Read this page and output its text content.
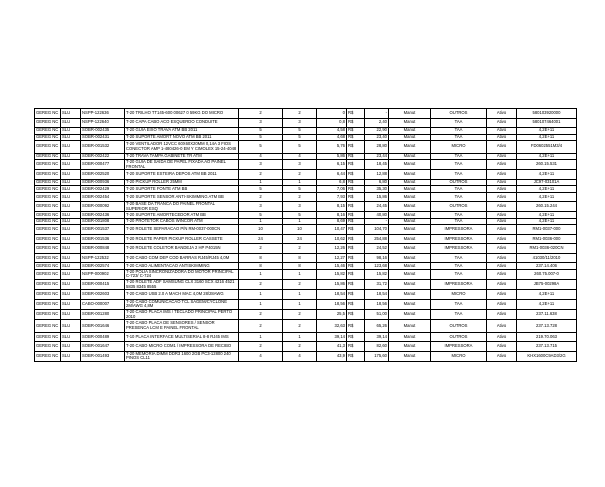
GEREG NC	SLU	NSPP-122636	T-20 TRILHO TT145-600 00627 0 59KG DO MICRO	2	2	0	R$	-	Manut	OUTROS	Ativo	580103920000
GEREG NC	SLU	NSPP-122640	T-20 CAPA CABO ACO ESQUERDO CONDUITE	3	3	0,8	R$	2,40	Manut	TAA	Ativo	580107464001
GEREG NC	SLU	SOBR-002435	T-20 GUIA EIXO TRAVA ATM BB 2011	5	5	4,58	R$	22,90	Manut	TAA	Ativo	4,2E+11
GEREG NC	SLU	SOBR-002431	T-20 SUPORTE AMORT NOVO ATM BB 2011	5	5	4,68	R$	23,40	Manut	TAA	Ativo	4,2E+11
GEREG NC	SLU	SOBR-001532	T-20 VENTILADOR 12VCC 60X60X20MM 0,14A 3 FIOS CONECTOR AMP 1-480426-0 EM Y CIMOLEX 15-24-4048	5	5	5,76	R$	28,80	Manut	MICRO	Ativo	FD0602551M3/4
GEREG NC	SLU	SOBR-002422	T-20 TRAVA TAMPA GABINETE TR ATM	4	4	5,86	R$	23,44	Manut	TAA	Ativo	4,2E+11
GEREG NC	SLU	SOBR-000477	T-20 GUIA DE SAIDA DE PAPEL FIXADA AO PAINEL FRONTAL	3	3	6,15	R$	18,45	Manut	TAA	Ativo	260.15.531
GEREG NC	SLU	SOBR-002520	T-20 SUPORTE ESTEIRA DEPOS ATM BB 2011	2	2	6,44	R$	12,88	Manut	TAA	Ativo	4,2E+11
GEREG NC	SLU	SOBR-000936	T-20 PICKUP ROLLER 25MM	1	1	6,8	R$	6,80	Manut	OUTROS	Ativo	JC97-03101A
GEREG NC	SLU	SOBR-002429	T-20 SUPORTE FONTE ATM BB	5	5	7,06	R$	35,30	Manut	TAA	Ativo	4,2E+11
GEREG NC	SLU	SOBR-002454	T-20 SUPORTE SENSOR ANTI-SKIMMING ATM BB	2	2	7,93	R$	15,86	Manut	TAA	Ativo	4,2E+11
GEREG NC	SLU	SOBR-000092	T-20 BASE DA TRANCA DO PAINEL FRONTAL SUPERIOR ESQ	3	3	8,15	R$	24,45	Manut	OUTROS	Ativo	260.15.244
GEREG NC	SLU	SOBR-002436	T-20 SUPORTE AMORTECEDOR ATM BB	5	5	8,16	R$	40,80	Manut	TAA	Ativo	4,2E+11
GEREG NC	SLU	SOBR-001808	T-20 PROTETOR CABOS WINCOR ATM	1	1	8,69	R$	-	Manut	TAA	Ativo	4,2E+11
GEREG NC	SLU	SOBR-001537	T-20 ROLETE SEPARACAO P/N RM-0037-000CN	10	10	10,47	R$	104,70	Manut	IMPRESSORA	Ativo	RM1-0037-000
GEREG NC	SLU	SOBR-001536	T-20 ROLETE PAPER PICKUP ROLLER CASSETE	24	24	10,62	R$	254,88	Manut	IMPRESSORA	Ativo	RM1-0036-000
GEREG NC	SLU	SOBR-000848	T-20 ROLETE COLETOR BANDEJA 2 HP P4015N	2	2	12,26	R$	24,52	Manut	IMPRESSORA	Ativo	RM1-0036-020CN
GEREG NC	SLU	NSPP-122532	T-20 CABO COM DEP COD BARRAS RJ45/RJ45 4,0M	8	8	12,27	R$	98,16	Manut	TAA	Ativo	41030/11/2010
GEREG NC	SLU	SOBR-002574	T-20 CABO ALIMENTACAO ANTISKIMMING	8	8	15,46	R$	123,68	Manut	TAA	Ativo	237.14.406
GEREG NC	SLU	NSPP-000902	T-20 POLIA SINCRONIZADORA DO MOTOR PRINCIPAL C-723/ C-724	1	1	15,82	R$	15,82	Manut	TAA	Ativo	260.75.007-0
GEREG NC	SLU	SOBR-000415	T-20 ROLETE ADF SAMSUNG CLX 3160 SCX 4216 4521 5835 8345 8555	2	2	15,86	R$	31,72	Manut	IMPRESSORA	Ativo	JB75-00298A
GEREG NC	SLU	SOBR-002603	T-20 CABO USB 2.0 A MACH MAC 4,0M 28/28AWG	1	1	18,54	R$	18,54	Manut	MICRO	Ativo	4,2E+11
GEREG NC	SLU	CABO-000007	T-20 CABO COMUNICACAO TCL SAGEM/CYCLONE 2M/AWG 4,8M	1	1	18,56	R$	18,56	Manut	TAA	Ativo	4,2E+11
GEREG NC	SLU	SOBR-001280	T-20 CABO PLACA IMS / TECLADO PRINCIPAL PERTO 2010	2	2	25,5	R$	51,00	Manut	TAA	Ativo	237.11.638
GEREG NC	SLU	SOBR-001646	T-20 CABO PLACA DE SENSORES / SENSOR PRESENCA LCM E PAINEL FRONTAL	2	2	32,63	R$	65,26	Manut	OUTROS	Ativo	237.13.728
GEREG NC	SLU	SOBR-000489	T-10 PLACA INTERFACE MULTISERIAL 8-8 RJ45 IMS	1	1	39,14	R$	39,14	Manut	OUTROS	Ativo	219.70.063
GEREG NC	SLU	SOBR-001647	T-20 CABO MICRO COM1 / IMPRESSORA DE RECIBO	2	2	41,3	R$	82,60	Manut	IMPRESSORA	Ativo	237.13.715
GEREG NC	SLU	SOBR-001493	T-20 MEMORIA DIMM DDR3 1600 2GB PC3-12800 240 PINOS CL11	4	4	43,9	R$	175,60	Manut	MICRO	Ativo	KHX1600C9AD3/2G
